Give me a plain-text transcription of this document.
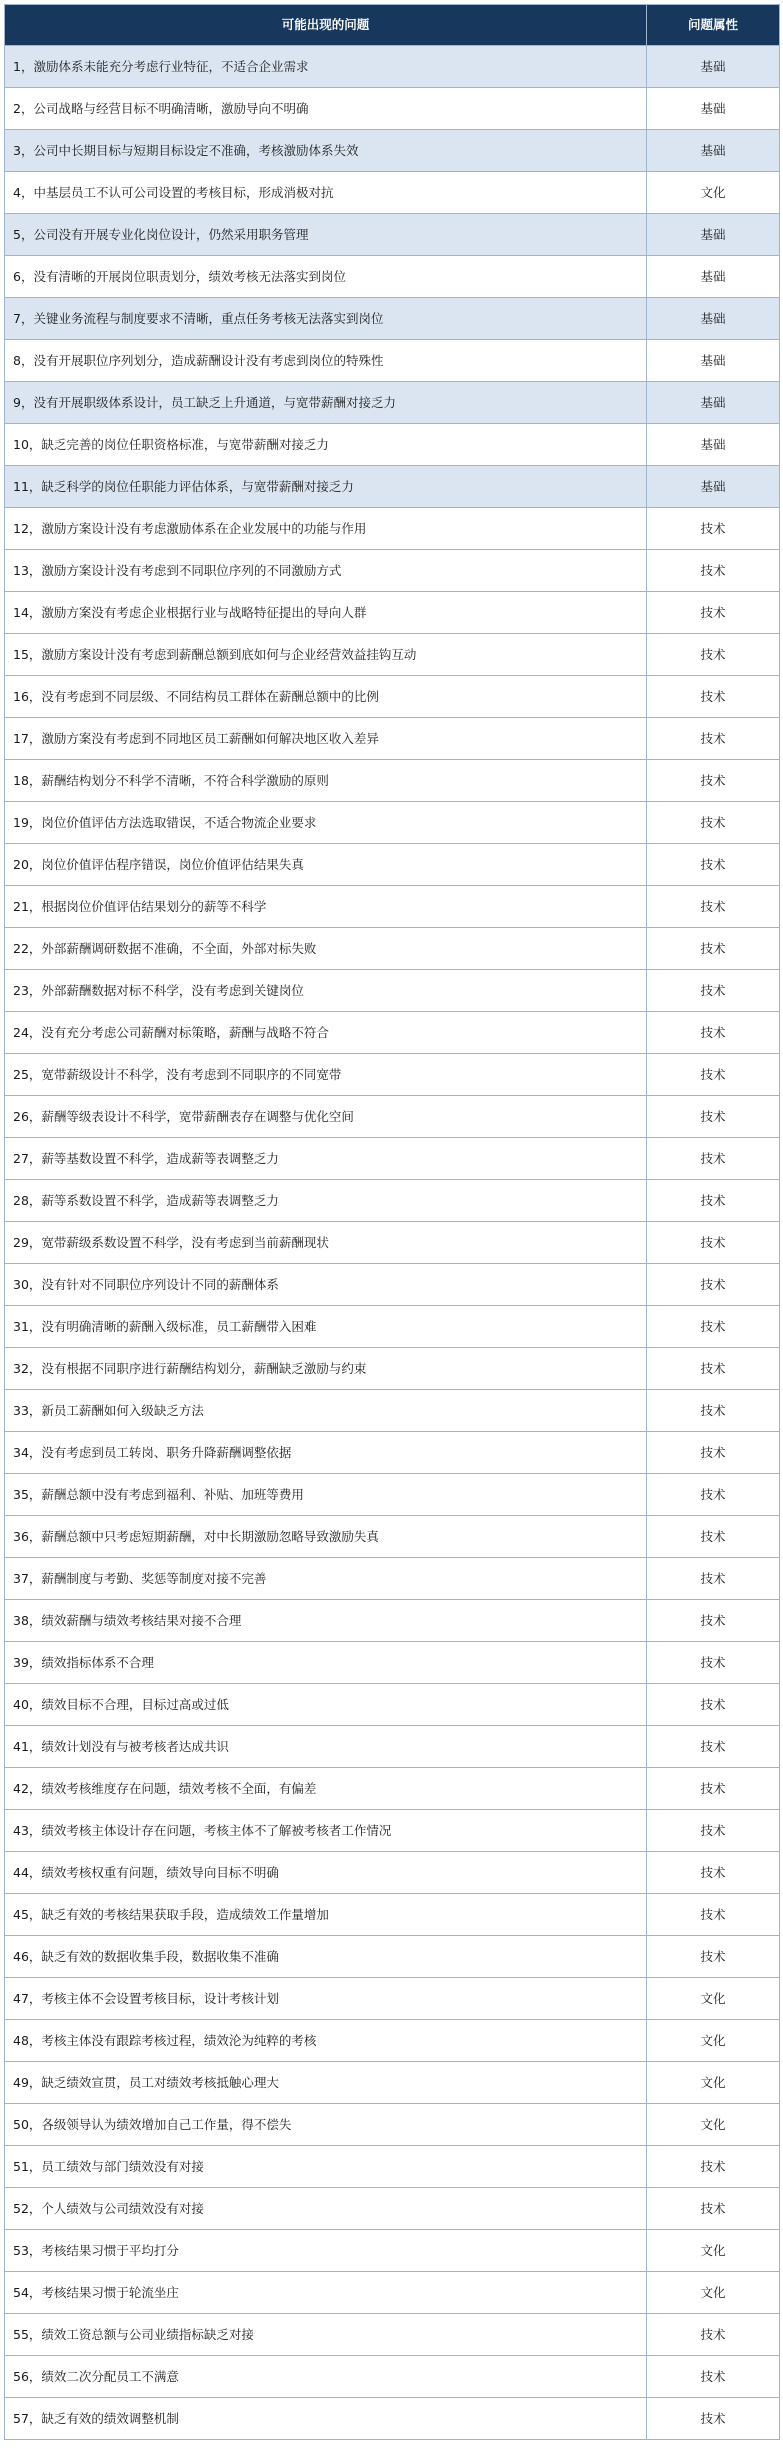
可能出现的问题	问题属性
1，激励体系未能充分考虑行业特征，不适合企业需求	基础
2，公司战略与经营目标不明确清晰，激励导向不明确	基础
3，公司中长期目标与短期目标设定不准确，考核激励体系失效	基础
4，中基层员工不认可公司设置的考核目标，形成消极对抗	文化
5，公司没有开展专业化岗位设计，仍然采用职务管理	基础
6，没有清晰的开展岗位职责划分，绩效考核无法落实到岗位	基础
7，关键业务流程与制度要求不清晰，重点任务考核无法落实到岗位	基础
8，没有开展职位序列划分，造成薪酬设计没有考虑到岗位的特殊性	基础
9，没有开展职级体系设计，员工缺乏上升通道，与宽带薪酬对接乏力	基础
10，缺乏完善的岗位任职资格标准，与宽带薪酬对接乏力	基础
11，缺乏科学的岗位任职能力评估体系，与宽带薪酬对接乏力	基础
12，激励方案设计没有考虑激励体系在企业发展中的功能与作用	技术
13，激励方案设计没有考虑到不同职位序列的不同激励方式	技术
14，激励方案没有考虑企业根据行业与战略特征提出的导向人群	技术
15，激励方案设计没有考虑到薪酬总额到底如何与企业经营效益挂钩互动	技术
16，没有考虑到不同层级、不同结构员工群体在薪酬总额中的比例	技术
17，激励方案没有考虑到不同地区员工薪酬如何解决地区收入差异	技术
18，薪酬结构划分不科学不清晰，不符合科学激励的原则	技术
19，岗位价值评估方法选取错误，不适合物流企业要求	技术
20，岗位价值评估程序错误，岗位价值评估结果失真	技术
21，根据岗位价值评估结果划分的薪等不科学	技术
22，外部薪酬调研数据不准确，不全面，外部对标失败	技术
23，外部薪酬数据对标不科学，没有考虑到关键岗位	技术
24，没有充分考虑公司薪酬对标策略，薪酬与战略不符合	技术
25，宽带薪级设计不科学，没有考虑到不同职序的不同宽带	技术
26，薪酬等级表设计不科学，宽带薪酬表存在调整与优化空间	技术
27，薪等基数设置不科学，造成薪等表调整乏力	技术
28，薪等系数设置不科学，造成薪等表调整乏力	技术
29，宽带薪级系数设置不科学，没有考虑到当前薪酬现状	技术
30，没有针对不同职位序列设计不同的薪酬体系	技术
31，没有明确清晰的薪酬入级标准，员工薪酬带入困难	技术
32，没有根据不同职序进行薪酬结构划分，薪酬缺乏激励与约束	技术
33，新员工薪酬如何入级缺乏方法	技术
34，没有考虑到员工转岗、职务升降薪酬调整依据	技术
35，薪酬总额中没有考虑到福利、补贴、加班等费用	技术
36，薪酬总额中只考虑短期薪酬，对中长期激励忽略导致激励失真	技术
37，薪酬制度与考勤、奖惩等制度对接不完善	技术
38，绩效薪酬与绩效考核结果对接不合理	技术
39，绩效指标体系不合理	技术
40，绩效目标不合理，目标过高或过低	技术
41，绩效计划没有与被考核者达成共识	技术
42，绩效考核维度存在问题，绩效考核不全面，有偏差	技术
43，绩效考核主体设计存在问题，考核主体不了解被考核者工作情况	技术
44，绩效考核权重有问题，绩效导向目标不明确	技术
45，缺乏有效的考核结果获取手段，造成绩效工作量增加	技术
46，缺乏有效的数据收集手段，数据收集不准确	技术
47，考核主体不会设置考核目标，设计考核计划	文化
48，考核主体没有跟踪考核过程，绩效沦为纯粹的考核	文化
49，缺乏绩效宣贯，员工对绩效考核抵触心理大	文化
50，各级领导认为绩效增加自己工作量，得不偿失	文化
51，员工绩效与部门绩效没有对接	技术
52，个人绩效与公司绩效没有对接	技术
53，考核结果习惯于平均打分	文化
54，考核结果习惯于轮流坐庄	文化
55，绩效工资总额与公司业绩指标缺乏对接	技术
56，绩效二次分配员工不满意	技术
57，缺乏有效的绩效调整机制	技术
